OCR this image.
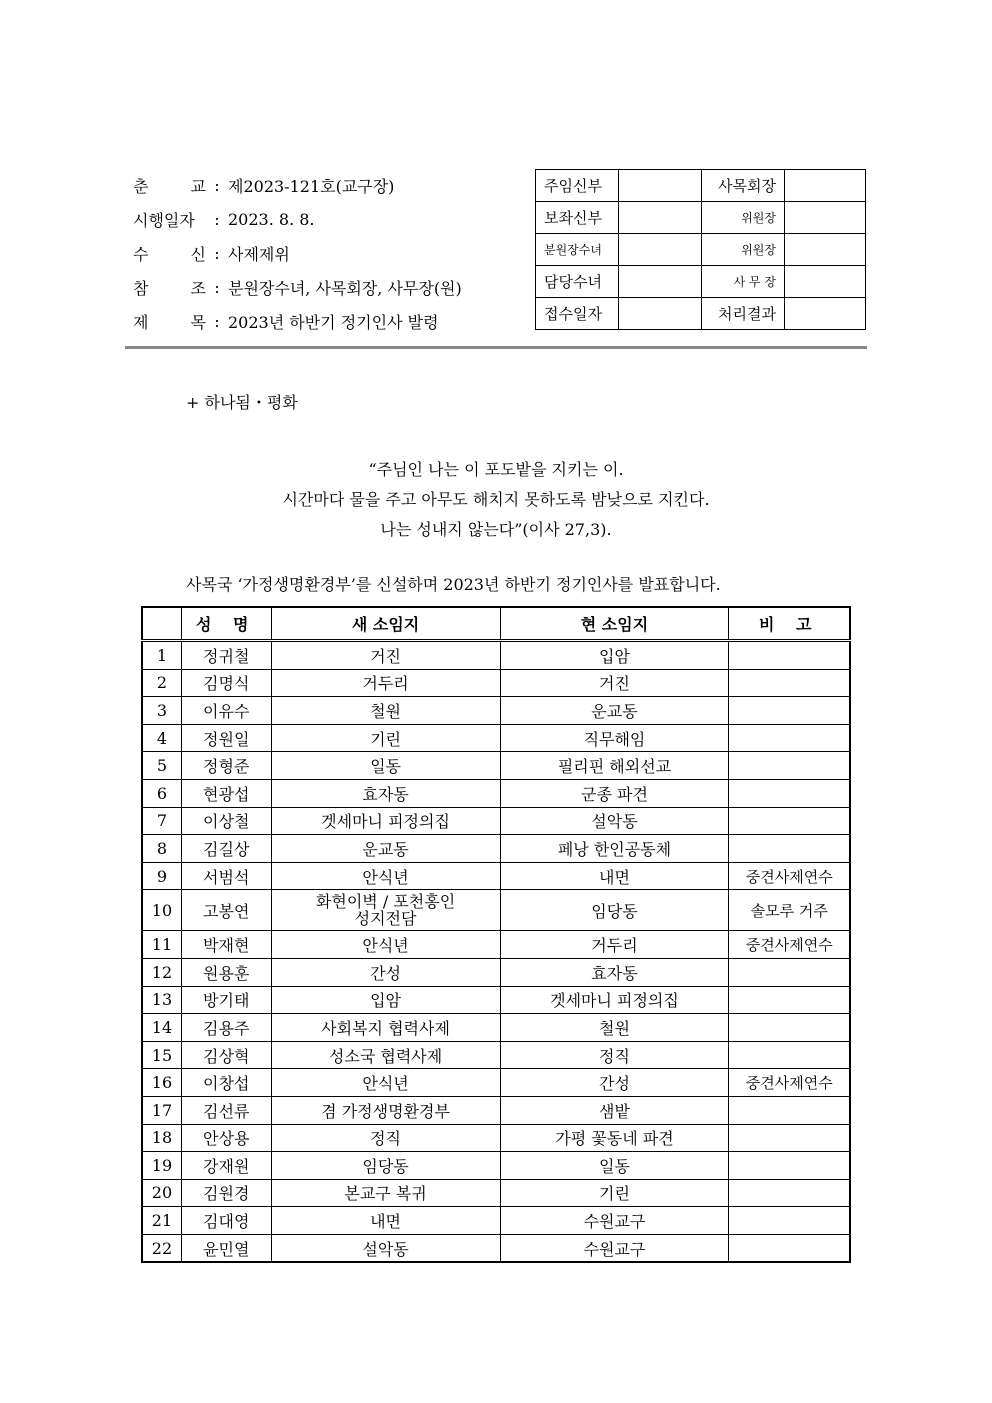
춘	교 : 제2023-121호(교구장)
시행일자	: 2023. 8. 8.
수	신 : 사제제위
참	조 : 분원장수녀, 사목회장, 사무장(원)
제	목 : 2023년 하반기 정기인사 발령
주임신부		사목회장	
보좌신부		위원장	
분원장수녀		위원장	
담당수녀		사 무 장	
접수일자		처리결과	
+ 하나됨・평화
“주님인 나는 이 포도밭을 지키는 이.
시간마다 물을 주고 아무도 해치지 못하도록 밤낮으로 지킨다.
나는 성내지 않는다”(이사 27,3).
사목국 ‘가정생명환경부’를 신설하며 2023년 하반기 정기인사를 발표합니다.
	성 명	새 소임지	현 소임지	비 고
1	정귀철	거진	입암	
2	김명식	거두리	거진	
3	이유수	철원	운교동	
4	정원일	기린	직무해임	
5	정형준	일동	필리핀 해외선교	
6	현광섭	효자동	군종 파견	
7	이상철	겟세마니 피정의집	설악동	
8	김길상	운교동	페낭 한인공동체	
9	서범석	안식년	내면	중견사제연수
10	고봉연	화현이벽 / 포천홍인
성지전담	임당동	솔모루 거주
11	박재현	안식년	거두리	중견사제연수
12	원용훈	간성	효자동	
13	방기태	입암	겟세마니 피정의집	
14	김용주	사회복지 협력사제	철원	
15	김상혁	성소국 협력사제	정직	
16	이창섭	안식년	간성	중견사제연수
17	김선류	겸 가정생명환경부	샘밭	
18	안상용	정직	가평 꽃동네 파견	
19	강재원	임당동	일동	
20	김원경	본교구 복귀	기린	
21	김대영	내면	수원교구	
22	윤민열	설악동	수원교구	
